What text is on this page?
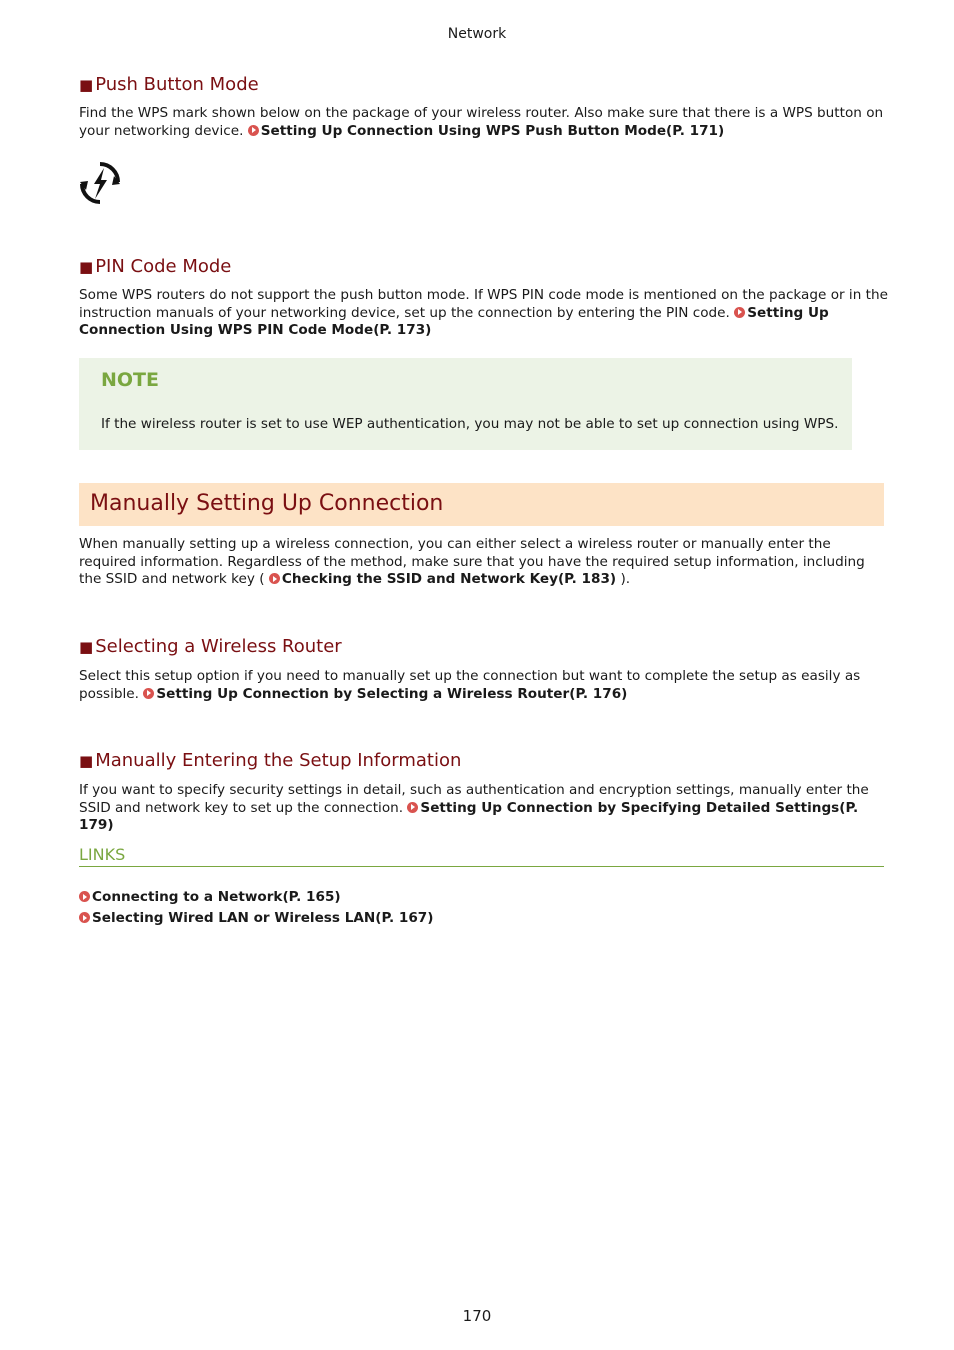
Network
■ Push Button Mode
Find the WPS mark shown below on the package of your wireless router. Also make sure that there is a WPS button on your networking device. Setting Up Connection Using WPS Push Button Mode(P. 171)
■ PIN Code Mode
Some WPS routers do not support the push button mode. If WPS PIN code mode is mentioned on the package or in the instruction manuals of your networking device, set up the connection by entering the PIN code. Setting Up Connection Using WPS PIN Code Mode(P. 173)
NOTE
If the wireless router is set to use WEP authentication, you may not be able to set up connection using WPS.
Manually Setting Up Connection
When manually setting up a wireless connection, you can either select a wireless router or manually enter the required information. Regardless of the method, make sure that you have the required setup information, including the SSID and network key ( Checking the SSID and Network Key(P. 183) ).
■ Selecting a Wireless Router
Select this setup option if you need to manually set up the connection but want to complete the setup as easily as possible. Setting Up Connection by Selecting a Wireless Router(P. 176)
■ Manually Entering the Setup Information
If you want to specify security settings in detail, such as authentication and encryption settings, manually enter the SSID and network key to set up the connection. Setting Up Connection by Specifying Detailed Settings(P. 179)
LINKS
Connecting to a Network(P. 165)
Selecting Wired LAN or Wireless LAN(P. 167)
170
